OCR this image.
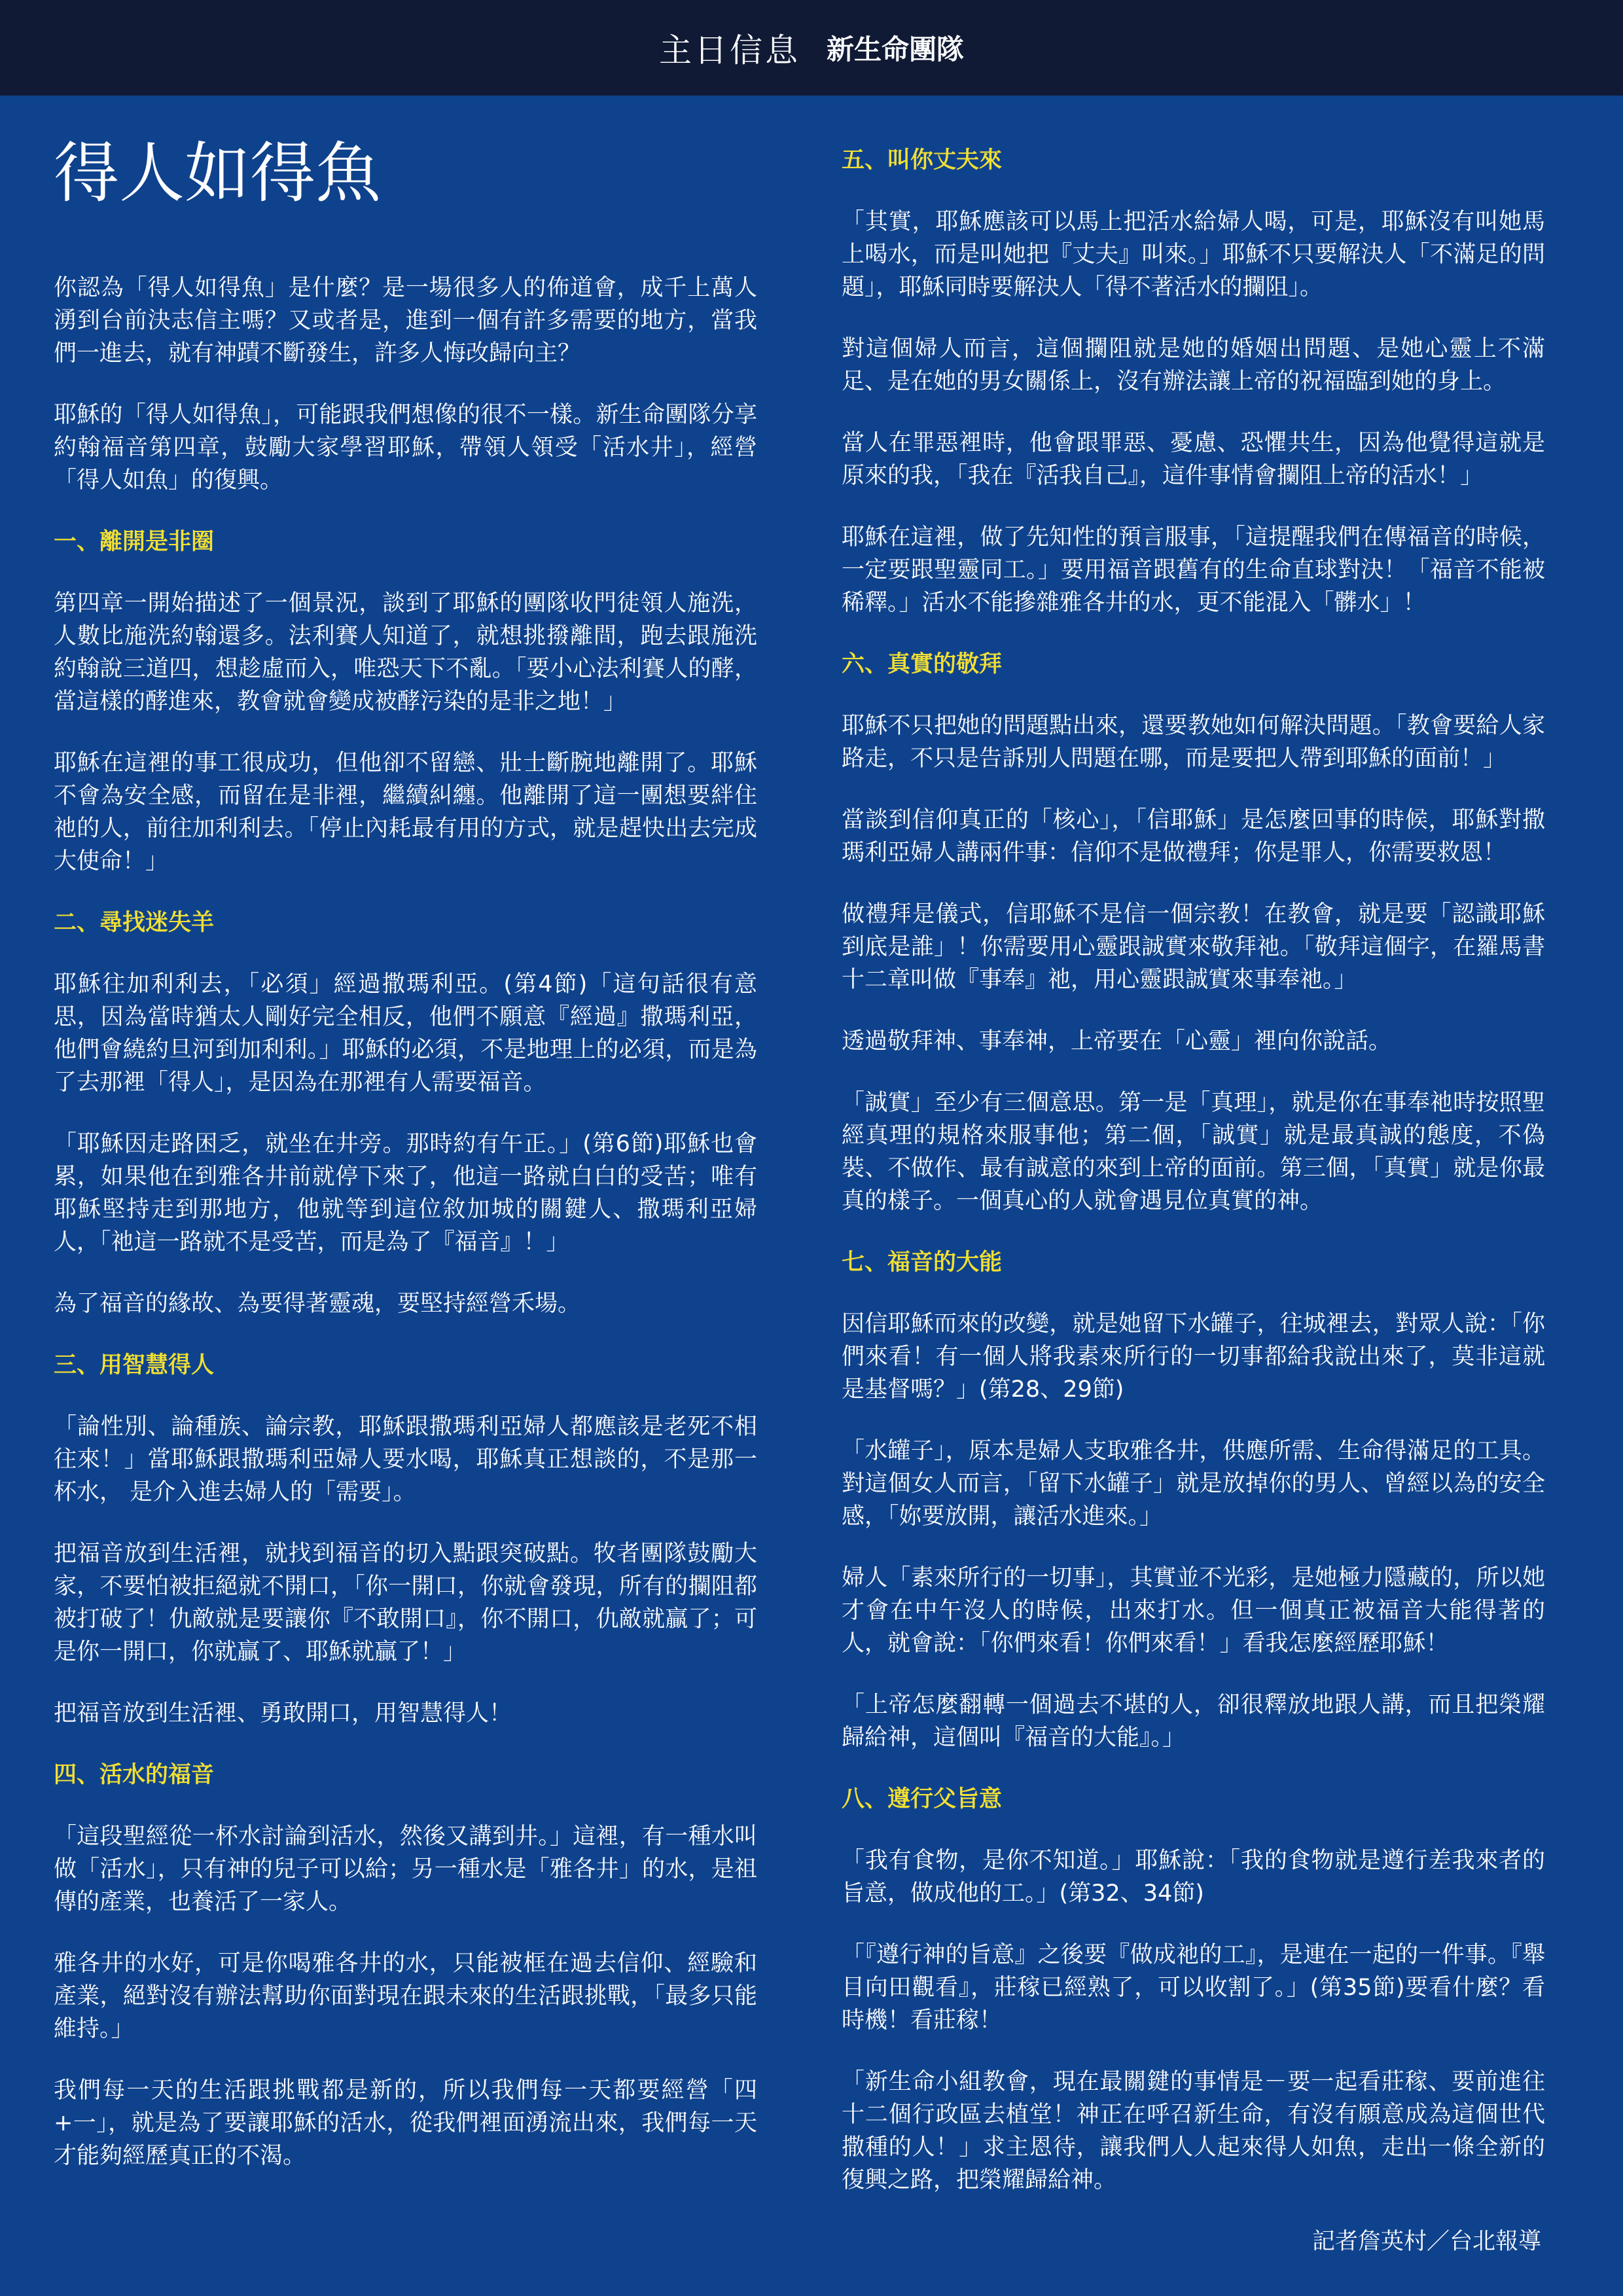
主日信息 新生命團隊
得人如得魚

你認為「得人如得魚」是什麼？是一場很多人的佈道會，成千上萬人湧到台前決志信主嗎？又或者是，進到一個有許多需要的地方，當我們一進去，就有神蹟不斷發生，許多人悔改歸向主？

耶穌的「得人如得魚」，可能跟我們想像的很不一樣。新生命團隊分享約翰福音第四章，鼓勵大家學習耶穌，帶領人領受「活水井」，經營「得人如魚」的復興。

一、離開是非圈

第四章一開始描述了一個景況，談到了耶穌的團隊收門徒領人施洗，人數比施洗約翰還多。法利賽人知道了，就想挑撥離間，跑去跟施洗約翰說三道四，想趁虛而入，唯恐天下不亂。「要小心法利賽人的酵，當這樣的酵進來，教會就會變成被酵污染的是非之地！」

耶穌在這裡的事工很成功，但他卻不留戀、壯士斷腕地離開了。耶穌不會為安全感，而留在是非裡，繼續糾纏。他離開了這一團想要絆住祂的人，前往加利利去。「停止內耗最有用的方式，就是趕快出去完成大使命！」

二、尋找迷失羊

耶穌往加利利去，「必須」經過撒瑪利亞。(第4節)「這句話很有意思，因為當時猶太人剛好完全相反，他們不願意『經過』撒瑪利亞，他們會繞約旦河到加利利。」耶穌的必須，不是地理上的必須，而是為了去那裡「得人」，是因為在那裡有人需要福音。

「耶穌因走路困乏，就坐在井旁。那時約有午正。」(第6節)耶穌也會累，如果他在到雅各井前就停下來了，他這一路就白白的受苦；唯有耶穌堅持走到那地方，他就等到這位敘加城的關鍵人、撒瑪利亞婦人，「祂這一路就不是受苦，而是為了『福音』！」

為了福音的緣故、為要得著靈魂，要堅持經營禾場。

三、用智慧得人

「論性別、論種族、論宗教，耶穌跟撒瑪利亞婦人都應該是老死不相往來！」當耶穌跟撒瑪利亞婦人要水喝，耶穌真正想談的，不是那一杯水， 是介入進去婦人的「需要」。

把福音放到生活裡，就找到福音的切入點跟突破點。牧者團隊鼓勵大家，不要怕被拒絕就不開口，「你一開口，你就會發現，所有的攔阻都被打破了！仇敵就是要讓你『不敢開口』，你不開口，仇敵就贏了；可是你一開口，你就贏了、耶穌就贏了！」

把福音放到生活裡、勇敢開口，用智慧得人！

四、活水的福音

「這段聖經從一杯水討論到活水，然後又講到井。」這裡，有一種水叫做「活水」，只有神的兒子可以給；另一種水是「雅各井」的水，是祖傳的產業，也養活了一家人。

雅各井的水好，可是你喝雅各井的水，只能被框在過去信仰、經驗和產業，絕對沒有辦法幫助你面對現在跟未來的生活跟挑戰，「最多只能維持。」

我們每一天的生活跟挑戰都是新的，所以我們每一天都要經營「四+一」，就是為了要讓耶穌的活水，從我們裡面湧流出來，我們每一天才能夠經歷真正的不渴。

五、叫你丈夫來

「其實，耶穌應該可以馬上把活水給婦人喝，可是，耶穌沒有叫她馬上喝水，而是叫她把『丈夫』叫來。」耶穌不只要解決人「不滿足的問題」，耶穌同時要解決人「得不著活水的攔阻」。

對這個婦人而言，這個攔阻就是她的婚姻出問題、是她心靈上不滿足、是在她的男女關係上，沒有辦法讓上帝的祝福臨到她的身上。

當人在罪惡裡時，他會跟罪惡、憂慮、恐懼共生，因為他覺得這就是原來的我，「我在『活我自己』，這件事情會攔阻上帝的活水！」

耶穌在這裡，做了先知性的預言服事，「這提醒我們在傳福音的時候，一定要跟聖靈同工。」要用福音跟舊有的生命直球對決！「福音不能被稀釋。」活水不能摻雜雅各井的水，更不能混入「髒水」！

六、真實的敬拜

耶穌不只把她的問題點出來，還要教她如何解決問題。「教會要給人家路走，不只是告訴別人問題在哪，而是要把人帶到耶穌的面前！」

當談到信仰真正的「核心」，「信耶穌」是怎麼回事的時候，耶穌對撒瑪利亞婦人講兩件事：信仰不是做禮拜；你是罪人，你需要救恩！

做禮拜是儀式，信耶穌不是信一個宗教！在教會，就是要「認識耶穌到底是誰」！你需要用心靈跟誠實來敬拜祂。「敬拜這個字，在羅馬書十二章叫做『事奉』祂，用心靈跟誠實來事奉祂。」

透過敬拜神、事奉神，上帝要在「心靈」裡向你說話。

「誠實」至少有三個意思。第一是「真理」，就是你在事奉祂時按照聖經真理的規格來服事他；第二個，「誠實」就是最真誠的態度，不偽裝、不做作、最有誠意的來到上帝的面前。第三個，「真實」就是你最真的樣子。一個真心的人就會遇見位真實的神。

七、福音的大能

因信耶穌而來的改變，就是她留下水罐子，往城裡去，對眾人說：「你們來看！有一個人將我素來所行的一切事都給我說出來了，莫非這就是基督嗎？」(第28、29節)

「水罐子」，原本是婦人支取雅各井，供應所需、生命得滿足的工具。對這個女人而言，「留下水罐子」就是放掉你的男人、曾經以為的安全感，「妳要放開，讓活水進來。」

婦人「素來所行的一切事」，其實並不光彩，是她極力隱藏的，所以她才會在中午沒人的時候，出來打水。但一個真正被福音大能得著的人，就會說：「你們來看！你們來看！」看我怎麼經歷耶穌！

「上帝怎麼翻轉一個過去不堪的人，卻很釋放地跟人講，而且把榮耀歸給神，這個叫『福音的大能』。」

八、遵行父旨意

「我有食物，是你不知道。」耶穌說：「我的食物就是遵行差我來者的旨意，做成他的工。」(第32、34節)

「『遵行神的旨意』之後要『做成祂的工』，是連在一起的一件事。『舉目向田觀看』，莊稼已經熟了，可以收割了。」(第35節)要看什麼？看時機！看莊稼！

「新生命小組教會，現在最關鍵的事情是－要一起看莊稼、要前進往十二個行政區去植堂！神正在呼召新生命，有沒有願意成為這個世代撒種的人！」求主恩待，讓我們人人起來得人如魚，走出一條全新的復興之路，把榮耀歸給神。

記者詹英村／台北報導
